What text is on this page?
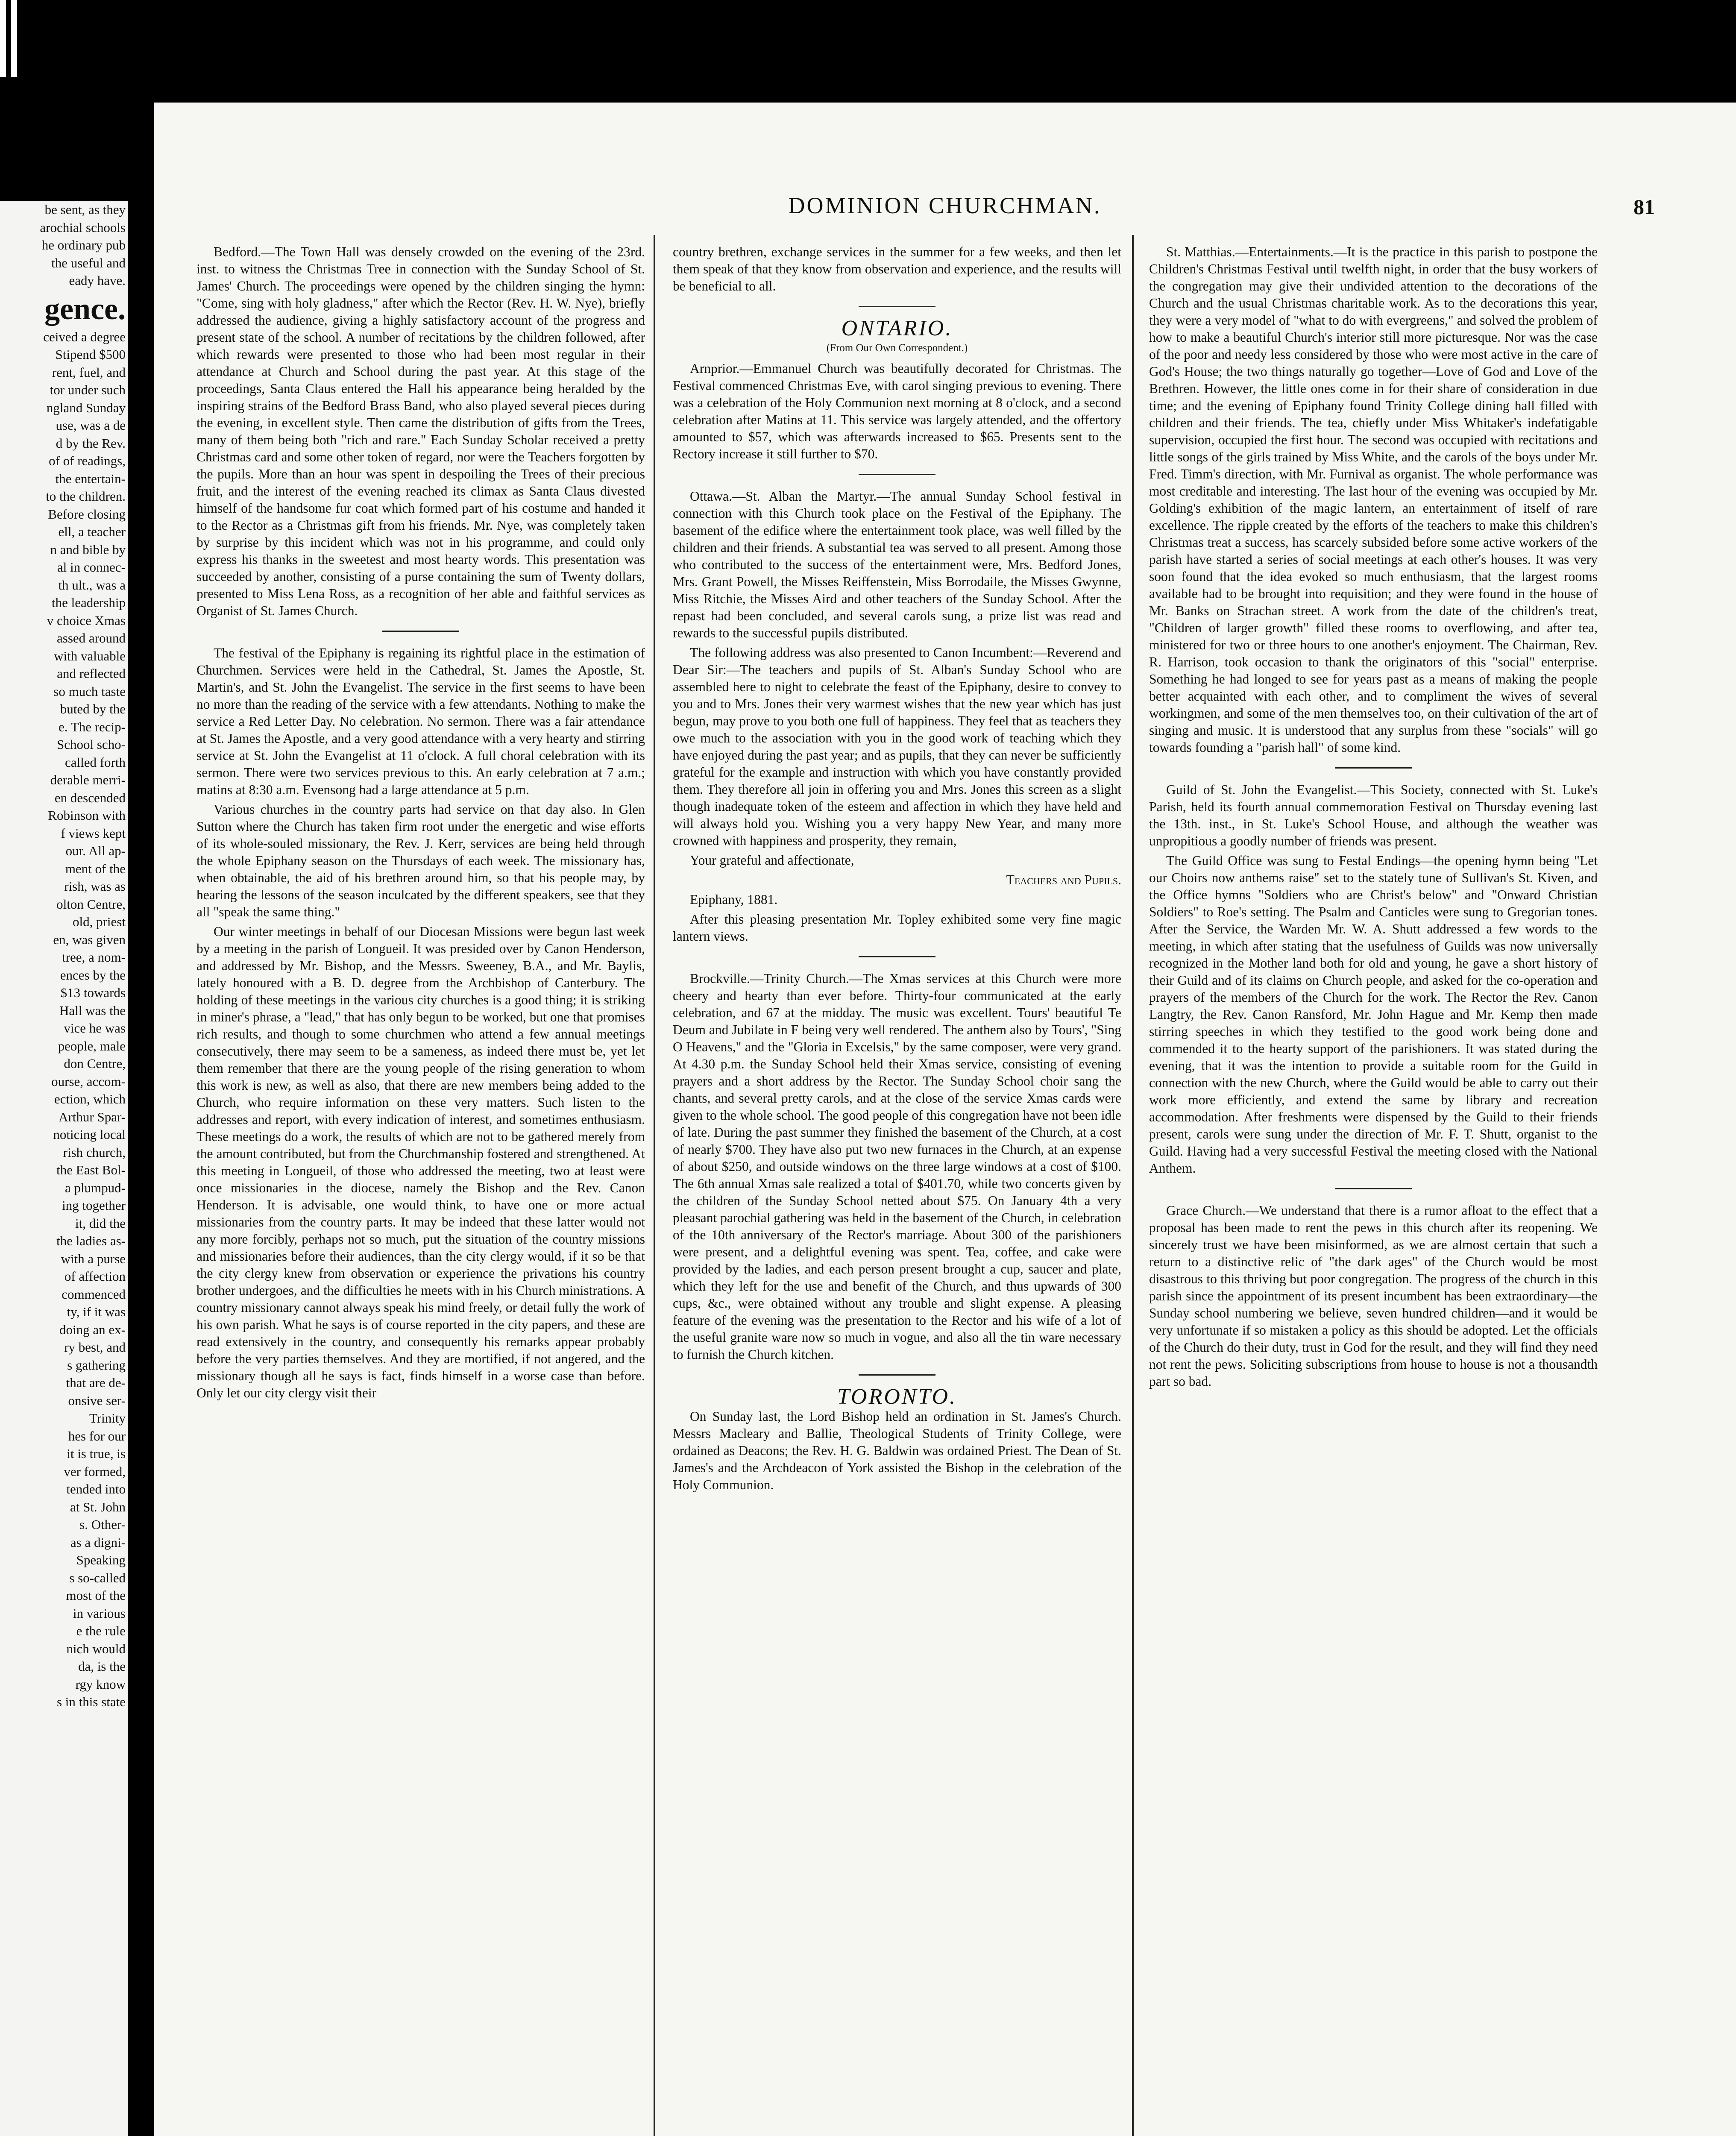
be sent, as they

arochial schools

he ordinary pub

the useful and

eady have.

gence.

ceived a degree

Stipend $500

rent, fuel, and

tor under such

ngland Sunday

use, was a de

d by the Rev.

of of readings,

the entertain-

to the children.

Before closing

ell, a teacher

n and bible by

al in connec-

th ult., was a

the leadership

v choice Xmas

assed around

with valuable

and reflected

so much taste

buted by the

e. The recip-

School scho-

called forth

derable merri-

en descended

Robinson with

f views kept

our. All ap-

ment of the

rish, was as

olton Centre,

old, priest

en, was given

tree, a nom-

ences by the

$13 towards

Hall was the

vice he was

people, male

don Centre,

ourse, accom-

ection, which

Arthur Spar-

noticing local

rish church,

the East Bol-

a plumpud-

ing together

it, did the

the ladies as-

with a purse

of affection

commenced

ty, if it was

doing an ex-

ry best, and

s gathering

that are de-

onsive ser-

Trinity

hes for our

it is true, is

ver formed,

tended into

at St. John

s. Other-

as a digni-

Speaking

s so-called

most of the

in various

e the rule

nich would

da, is the

rgy know

s in this state

DOMINION CHURCHMAN.	81

Bedford.—The Town Hall was densely crowded on the evening of the 23rd. inst. to witness the Christmas Tree in connection with the Sunday School of St. James' Church. The proceedings were opened by the children singing the hymn: "Come, sing with holy gladness," after which the Rector (Rev. H. W. Nye), briefly addressed the audience, giving a highly satisfactory account of the progress and present state of the school. A number of recitations by the children followed, after which rewards were presented to those who had been most regular in their attendance at Church and School during the past year. At this stage of the proceedings, Santa Claus entered the Hall his appearance being heralded by the inspiring strains of the Bedford Brass Band, who also played several pieces during the evening, in excellent style. Then came the distribution of gifts from the Trees, many of them being both "rich and rare." Each Sunday Scholar received a pretty Christmas card and some other token of regard, nor were the Teachers forgotten by the pupils. More than an hour was spent in despoiling the Trees of their precious fruit, and the interest of the evening reached its climax as Santa Claus divested himself of the handsome fur coat which formed part of his costume and handed it to the Rector as a Christmas gift from his friends. Mr. Nye, was completely taken by surprise by this incident which was not in his programme, and could only express his thanks in the sweetest and most hearty words. This presentation was succeeded by another, consisting of a purse containing the sum of Twenty dollars, presented to Miss Lena Ross, as a recognition of her able and faithful services as Organist of St. James Church.

The festival of the Epiphany is regaining its rightful place in the estimation of Churchmen. Services were held in the Cathedral, St. James the Apostle, St. Martin's, and St. John the Evangelist. The service in the first seems to have been no more than the reading of the service with a few attendants. Nothing to make the service a Red Letter Day. No celebration. No sermon. There was a fair attendance at St. James the Apostle, and a very good attendance with a very hearty and stirring service at St. John the Evangelist at 11 o'clock. A full choral celebration with its sermon. There were two services previous to this. An early celebration at 7 a.m.; matins at 8:30 a.m. Evensong had a large attendance at 5 p.m.

Various churches in the country parts had service on that day also. In Glen Sutton where the Church has taken firm root under the energetic and wise efforts of its whole-souled missionary, the Rev. J. Kerr, services are being held through the whole Epiphany season on the Thursdays of each week. The missionary has, when obtainable, the aid of his brethren around him, so that his people may, by hearing the lessons of the season inculcated by the different speakers, see that they all "speak the same thing."

Our winter meetings in behalf of our Diocesan Missions were begun last week by a meeting in the parish of Longueil. It was presided over by Canon Henderson, and addressed by Mr. Bishop, and the Messrs. Sweeney, B.A., and Mr. Baylis, lately honoured with a B. D. degree from the Archbishop of Canterbury. The holding of these meetings in the various city churches is a good thing; it is striking in miner's phrase, a "lead," that has only begun to be worked, but one that promises rich results, and though to some churchmen who attend a few annual meetings consecutively, there may seem to be a sameness, as indeed there must be, yet let them remember that there are the young people of the rising generation to whom this work is new, as well as also, that there are new members being added to the Church, who require information on these very matters. Such listen to the addresses and report, with every indication of interest, and sometimes enthusiasm. These meetings do a work, the results of which are not to be gathered merely from the amount contributed, but from the Churchmanship fostered and strengthened. At this meeting in Longueil, of those who addressed the meeting, two at least were once missionaries in the diocese, namely the Bishop and the Rev. Canon Henderson. It is advisable, one would think, to have one or more actual missionaries from the country parts. It may be indeed that these latter would not any more forcibly, perhaps not so much, put the situation of the country missions and missionaries before their audiences, than the city clergy would, if it so be that the city clergy knew from observation or experience the privations his country brother undergoes, and the difficulties he meets with in his Church ministrations. A country missionary cannot always speak his mind freely, or detail fully the work of his own parish. What he says is of course reported in the city papers, and these are read extensively in the country, and consequently his remarks appear probably before the very parties themselves. And they are mortified, if not angered, and the missionary though all he says is fact, finds himself in a worse case than before. Only let our city clergy visit their

country brethren, exchange services in the summer for a few weeks, and then let them speak of that they know from observation and experience, and the results will be beneficial to all.

ONTARIO.
(From Our Own Correspondent.)

Arnprior.—Emmanuel Church was beautifully decorated for Christmas. The Festival commenced Christmas Eve, with carol singing previous to evening. There was a celebration of the Holy Communion next morning at 8 o'clock, and a second celebration after Matins at 11. This service was largely attended, and the offertory amounted to $57, which was afterwards increased to $65. Presents sent to the Rectory increase it still further to $70.

Ottawa.—St. Alban the Martyr.—The annual Sunday School festival in connection with this Church took place on the Festival of the Epiphany. The basement of the edifice where the entertainment took place, was well filled by the children and their friends. A substantial tea was served to all present. Among those who contributed to the success of the entertainment were, Mrs. Bedford Jones, Mrs. Grant Powell, the Misses Reiffenstein, Miss Borrodaile, the Misses Gwynne, Miss Ritchie, the Misses Aird and other teachers of the Sunday School. After the repast had been concluded, and several carols sung, a prize list was read and rewards to the successful pupils distributed.

The following address was also presented to Canon Incumbent:—Reverend and Dear Sir:—The teachers and pupils of St. Alban's Sunday School who are assembled here to night to celebrate the feast of the Epiphany, desire to convey to you and to Mrs. Jones their very warmest wishes that the new year which has just begun, may prove to you both one full of happiness. They feel that as teachers they owe much to the association with you in the good work of teaching which they have enjoyed during the past year; and as pupils, that they can never be sufficiently grateful for the example and instruction with which you have constantly provided them. They therefore all join in offering you and Mrs. Jones this screen as a slight though inadequate token of the esteem and affection in which they have held and will always hold you. Wishing you a very happy New Year, and many more crowned with happiness and prosperity, they remain,

Your grateful and affectionate,

Teachers and Pupils.

Epiphany, 1881.

After this pleasing presentation Mr. Topley exhibited some very fine magic lantern views.

Brockville.—Trinity Church.—The Xmas services at this Church were more cheery and hearty than ever before. Thirty-four communicated at the early celebration, and 67 at the midday. The music was excellent. Tours' beautiful Te Deum and Jubilate in F being very well rendered. The anthem also by Tours', "Sing O Heavens," and the "Gloria in Excelsis," by the same composer, were very grand. At 4.30 p.m. the Sunday School held their Xmas service, consisting of evening prayers and a short address by the Rector. The Sunday School choir sang the chants, and several pretty carols, and at the close of the service Xmas cards were given to the whole school. The good people of this congregation have not been idle of late. During the past summer they finished the basement of the Church, at a cost of nearly $700. They have also put two new furnaces in the Church, at an expense of about $250, and outside windows on the three large windows at a cost of $100. The 6th annual Xmas sale realized a total of $401.70, while two concerts given by the children of the Sunday School netted about $75. On January 4th a very pleasant parochial gathering was held in the basement of the Church, in celebration of the 10th anniversary of the Rector's marriage. About 300 of the parishioners were present, and a delightful evening was spent. Tea, coffee, and cake were provided by the ladies, and each person present brought a cup, saucer and plate, which they left for the use and benefit of the Church, and thus upwards of 300 cups, &c., were obtained without any trouble and slight expense. A pleasing feature of the evening was the presentation to the Rector and his wife of a lot of the useful granite ware now so much in vogue, and also all the tin ware necessary to furnish the Church kitchen.

TORONTO.

On Sunday last, the Lord Bishop held an ordination in St. James's Church. Messrs Macleary and Ballie, Theological Students of Trinity College, were ordained as Deacons; the Rev. H. G. Baldwin was ordained Priest. The Dean of St. James's and the Archdeacon of York assisted the Bishop in the celebration of the Holy Communion.

St. Matthias.—Entertainments.—It is the practice in this parish to postpone the Children's Christmas Festival until twelfth night, in order that the busy workers of the congregation may give their undivided attention to the decorations of the Church and the usual Christmas charitable work. As to the decorations this year, they were a very model of "what to do with evergreens," and solved the problem of how to make a beautiful Church's interior still more picturesque. Nor was the case of the poor and needy less considered by those who were most active in the care of God's House; the two things naturally go together—Love of God and Love of the Brethren. However, the little ones come in for their share of consideration in due time; and the evening of Epiphany found Trinity College dining hall filled with children and their friends. The tea, chiefly under Miss Whitaker's indefatigable supervision, occupied the first hour. The second was occupied with recitations and little songs of the girls trained by Miss White, and the carols of the boys under Mr. Fred. Timm's direction, with Mr. Furnival as organist. The whole performance was most creditable and interesting. The last hour of the evening was occupied by Mr. Golding's exhibition of the magic lantern, an entertainment of itself of rare excellence. The ripple created by the efforts of the teachers to make this children's Christmas treat a success, has scarcely subsided before some active workers of the parish have started a series of social meetings at each other's houses. It was very soon found that the idea evoked so much enthusiasm, that the largest rooms available had to be brought into requisition; and they were found in the house of Mr. Banks on Strachan street. A work from the date of the children's treat, "Children of larger growth" filled these rooms to overflowing, and after tea, ministered for two or three hours to one another's enjoyment. The Chairman, Rev. R. Harrison, took occasion to thank the originators of this "social" enterprise. Something he had longed to see for years past as a means of making the people better acquainted with each other, and to compliment the wives of several workingmen, and some of the men themselves too, on their cultivation of the art of singing and music. It is understood that any surplus from these "socials" will go towards founding a "parish hall" of some kind.

Guild of St. John the Evangelist.—This Society, connected with St. Luke's Parish, held its fourth annual commemoration Festival on Thursday evening last the 13th. inst., in St. Luke's School House, and although the weather was unpropitious a goodly number of friends was present.

The Guild Office was sung to Festal Endings—the opening hymn being "Let our Choirs now anthems raise" set to the stately tune of Sullivan's St. Kiven, and the Office hymns "Soldiers who are Christ's below" and "Onward Christian Soldiers" to Roe's setting. The Psalm and Canticles were sung to Gregorian tones. After the Service, the Warden Mr. W. A. Shutt addressed a few words to the meeting, in which after stating that the usefulness of Guilds was now universally recognized in the Mother land both for old and young, he gave a short history of their Guild and of its claims on Church people, and asked for the co-operation and prayers of the members of the Church for the work. The Rector the Rev. Canon Langtry, the Rev. Canon Ransford, Mr. John Hague and Mr. Kemp then made stirring speeches in which they testified to the good work being done and commended it to the hearty support of the parishioners. It was stated during the evening, that it was the intention to provide a suitable room for the Guild in connection with the new Church, where the Guild would be able to carry out their work more efficiently, and extend the same by library and recreation accommodation. After freshments were dispensed by the Guild to their friends present, carols were sung under the direction of Mr. F. T. Shutt, organist to the Guild. Having had a very successful Festival the meeting closed with the National Anthem.

Grace Church.—We understand that there is a rumor afloat to the effect that a proposal has been made to rent the pews in this church after its reopening. We sincerely trust we have been misinformed, as we are almost certain that such a return to a distinctive relic of "the dark ages" of the Church would be most disastrous to this thriving but poor congregation. The progress of the church in this parish since the appointment of its present incumbent has been extraordinary—the Sunday school numbering we believe, seven hundred children—and it would be very unfortunate if so mistaken a policy as this should be adopted. Let the officials of the Church do their duty, trust in God for the result, and they will find they need not rent the pews. Soliciting subscriptions from house to house is not a thousandth part so bad.
